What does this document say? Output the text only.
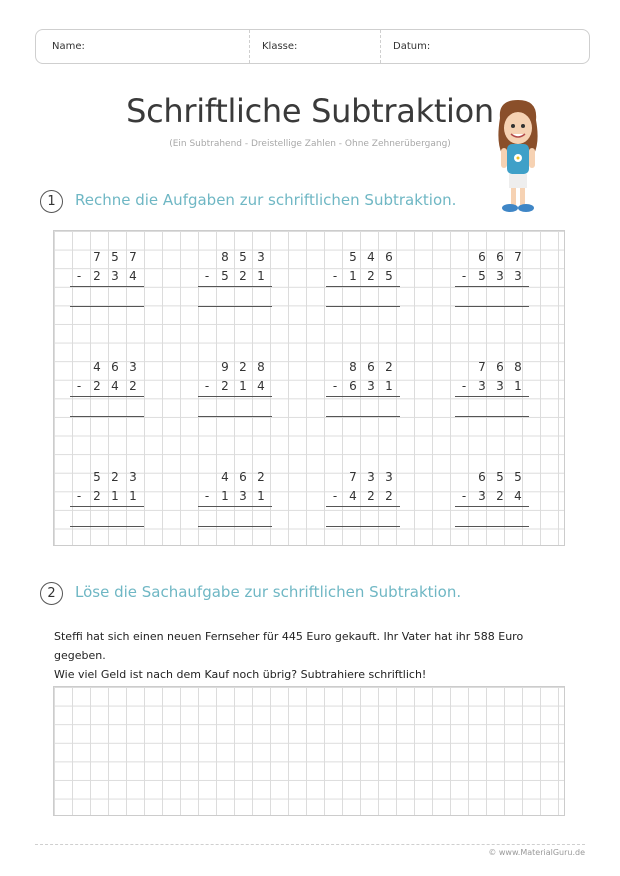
Name:	Klasse:	Datum:
Schriftliche Subtraktion
(Ein Subtrahend - Dreistellige Zahlen - Ohne Zehnerübergang)
1	Rechne die Aufgaben zur schriftlichen Subtraktion.
7 5 7
-	2 3 4
8 5 3
-	5 2 1
5 4 6
-	1 2 5
6 6 7
-	5 3 3
4 6 3
-	2 4 2
9 2 8
-	2 1 4
8 6 2
-	6 3 1
7 6 8
-	3 3 1
5 2 3
-	2 1 1
4 6 2
-	1 3 1
7 3 3
-	4 2 2
6 5 5
-	3 2 4
2	Löse die Sachaufgabe zur schriftlichen Subtraktion.
Steffi hat sich einen neuen Fernseher für 445 Euro gekauft. Ihr Vater hat ihr 588 Euro gegeben.
Wie viel Geld ist nach dem Kauf noch übrig? Subtrahiere schriftlich!
© www.MaterialGuru.de
